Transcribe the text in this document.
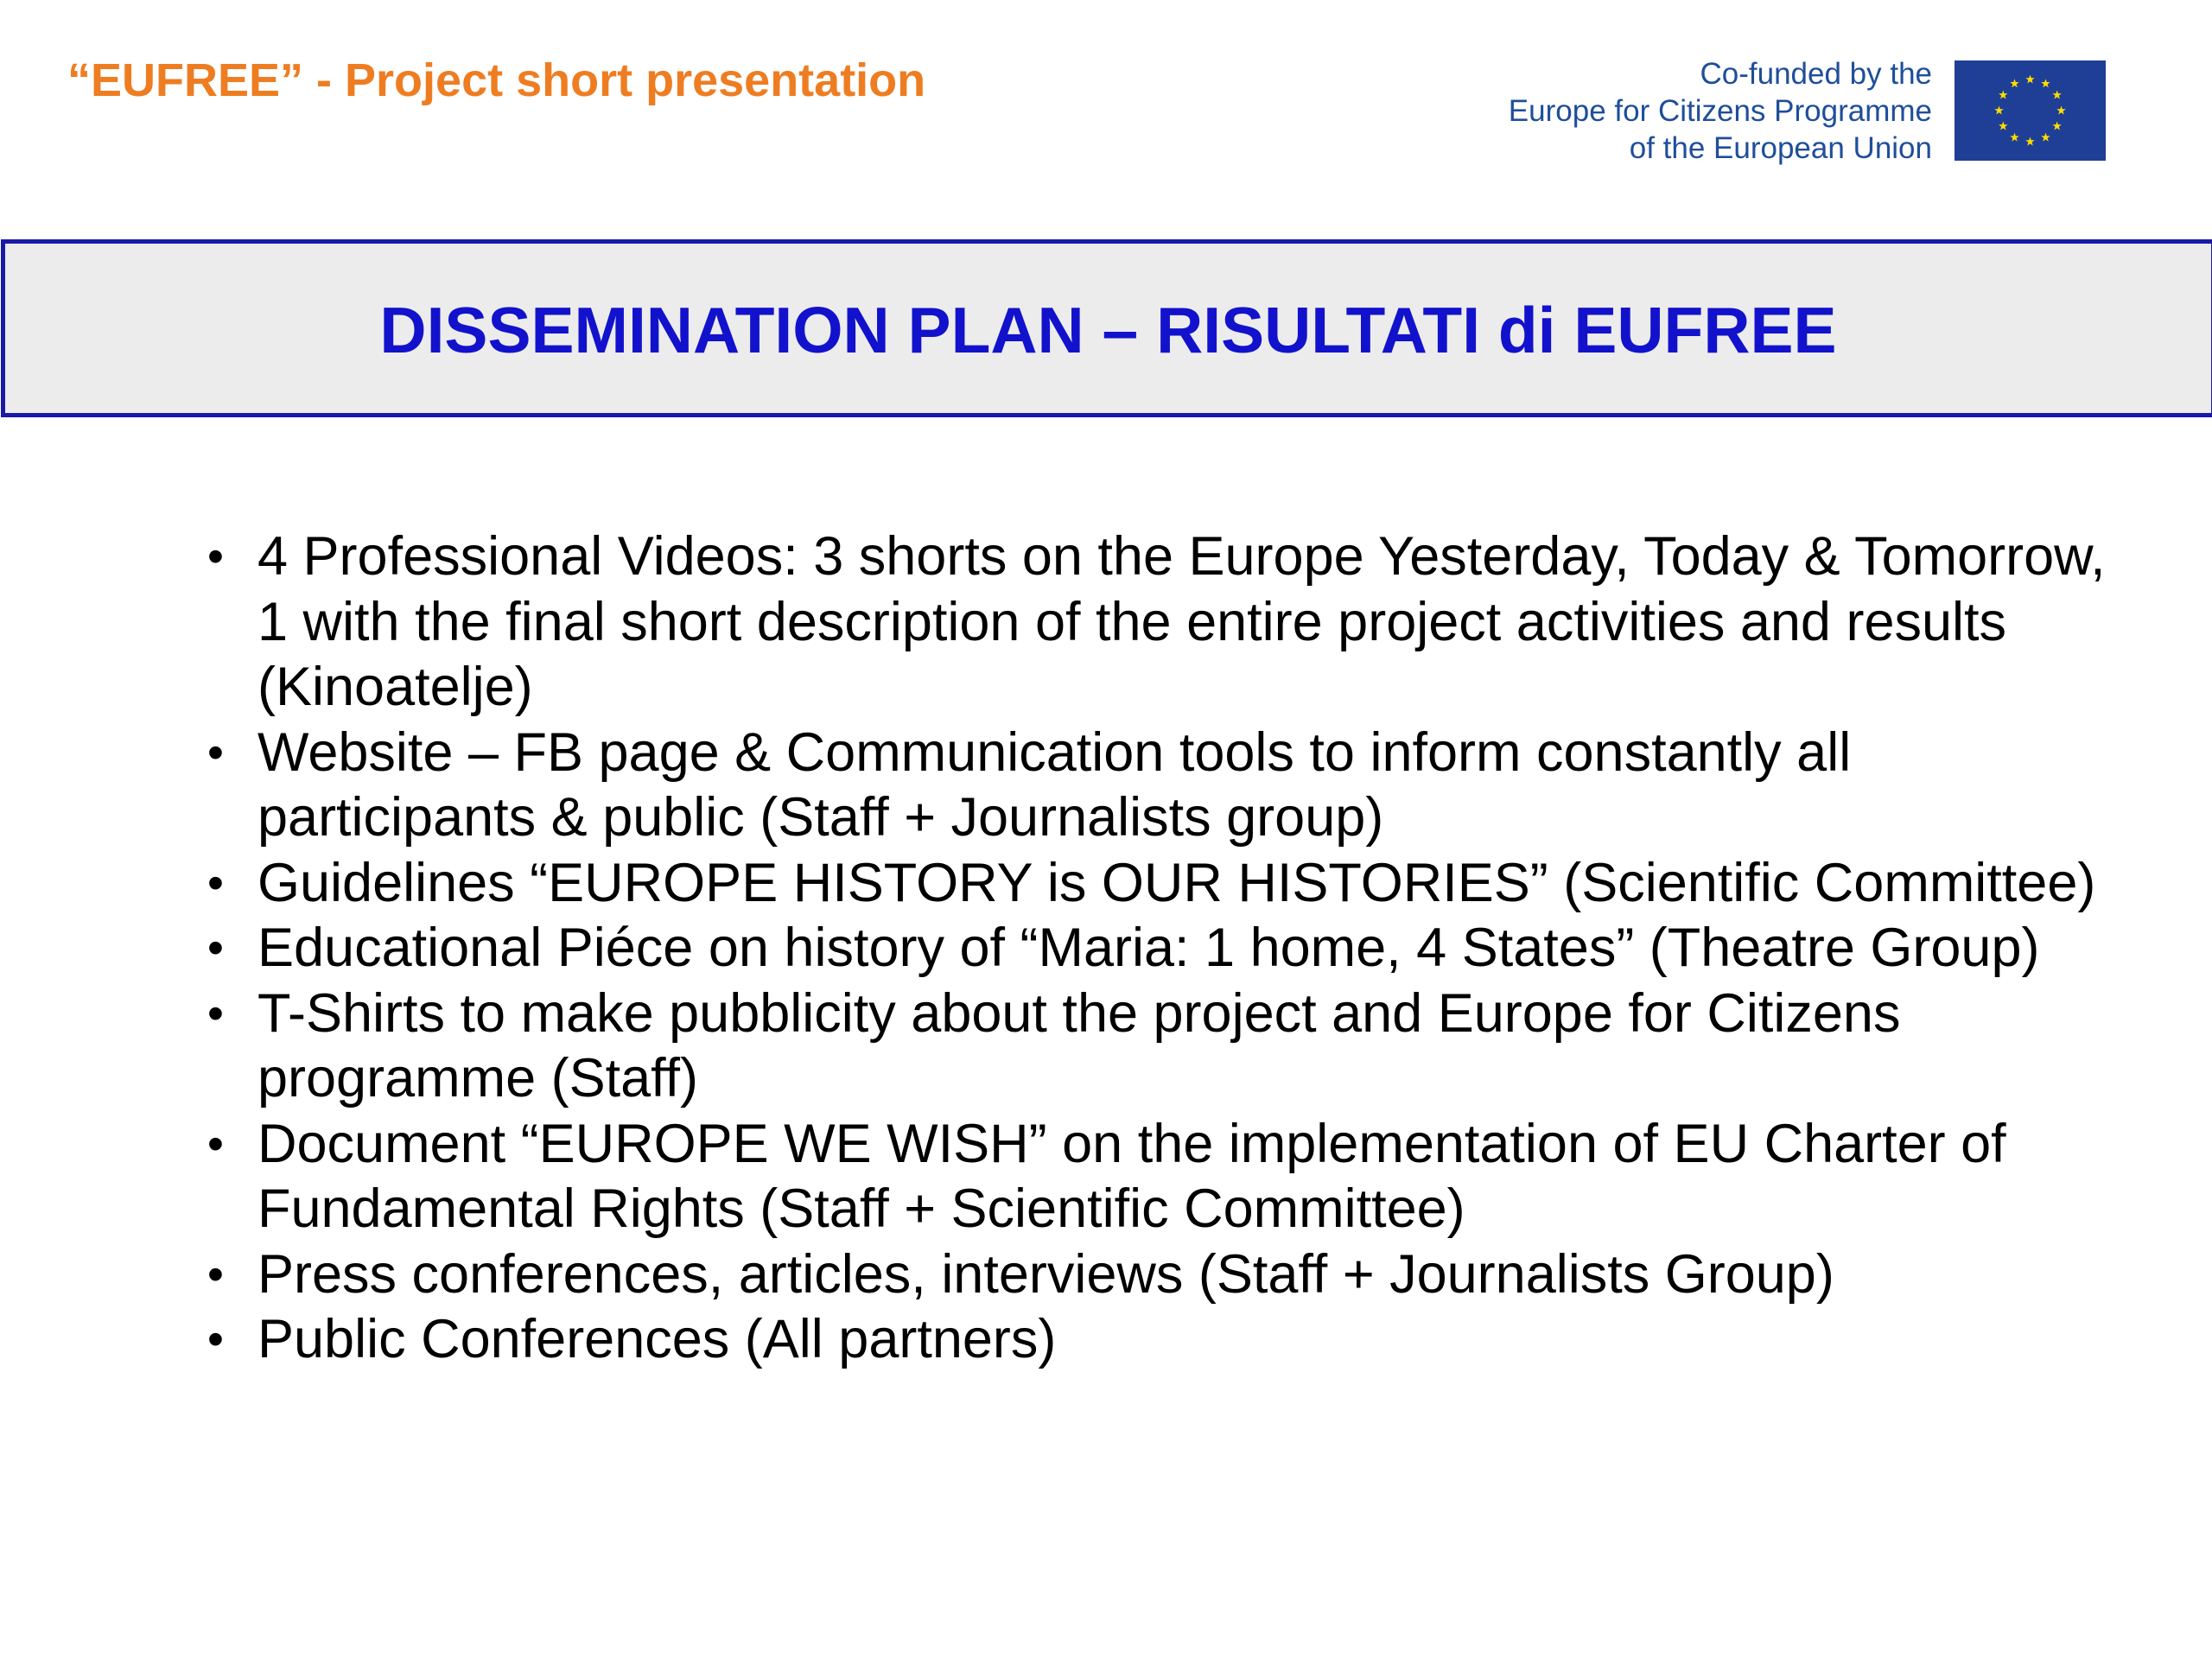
“EUFREE” - Project short presentation	Co-funded by the
Europe for Citizens Programme
of the European Union
DISSEMINATION PLAN – RISULTATI di EUFREE
• 4 Professional Videos: 3 shorts on the Europe Yesterday, Today & Tomorrow, 1 with the final short description of the entire project activities and results (Kinoatelje)
• Website – FB page & Communication tools to inform constantly all participants & public (Staff + Journalists group)
• Guidelines “EUROPE HISTORY is OUR HISTORIES” (Scientific Committee)
• Educational Piéce on history of “Maria: 1 home, 4 States” (Theatre Group)
• T-Shirts to make pubblicity about the project and Europe for Citizens programme (Staff)
• Document “EUROPE WE WISH” on the implementation of EU Charter of Fundamental Rights (Staff + Scientific Committee)
• Press conferences, articles, interviews (Staff + Journalists Group)
• Public Conferences (All partners)
